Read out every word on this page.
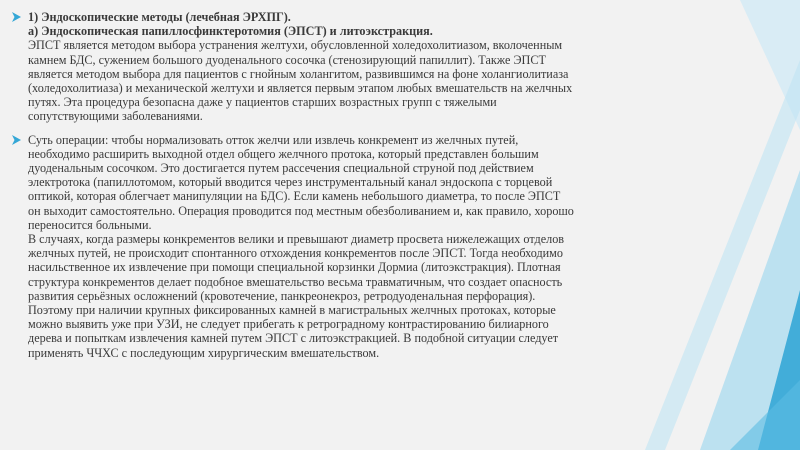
1) Эндоскопические методы (лечебная ЭРХПГ).
а) Эндоскопическая папиллосфинктеротомия (ЭПСТ) и литоэкстракция.
ЭПСТ является методом выбора устранения желтухи, обусловленной холедохолитиазом, вколоченным
камнем БДС, сужением большого дуоденального сосочка (стенозирующий папиллит). Также ЭПСТ
является методом выбора для пациентов с гнойным холангитом, развившимся на фоне холангиолитиаза
(холедохолитиаза) и механической желтухи и является первым этапом любых вмешательств на желчных
путях. Эта процедура безопасна даже у пациентов старших возрастных групп с тяжелыми
сопутствующими заболеваниями.
Суть операции: чтобы нормализовать отток желчи или извлечь конкремент из желчных путей,
необходимо расширить выходной отдел общего желчного протока, который представлен большим
дуоденальным сосочком. Это достигается путем рассечения специальной струной под действием
электротока (папиллотомом, который вводится через инструментальный канал эндоскопа с торцевой
оптикой, которая облегчает манипуляции на БДС). Если камень небольшого диаметра, то после ЭПСТ
он выходит самостоятельно. Операция проводится под местным обезболиванием и, как правило, хорошо
переносится больными.
В случаях, когда размеры конкрементов велики и превышают диаметр просвета нижележащих отделов
желчных путей, не происходит спонтанного отхождения конкрементов после ЭПСТ. Тогда необходимо
насильственное их извлечение при помощи специальной корзинки Дормиа (литоэкстракция). Плотная
структура конкрементов делает подобное вмешательство весьма травматичным, что создает опасность
развития серьёзных осложнений (кровотечение, панкреонекроз, ретродуоденальная перфорация).
Поэтому при наличии крупных фиксированных камней в магистральных желчных протоках, которые
можно выявить уже при УЗИ, не следует прибегать к ретроградному контрастированию билиарного
дерева и попыткам извлечения камней путем ЭПСТ с литоэкстракцией. В подобной ситуации следует
применять ЧЧХС с последующим хирургическим вмешательством.
